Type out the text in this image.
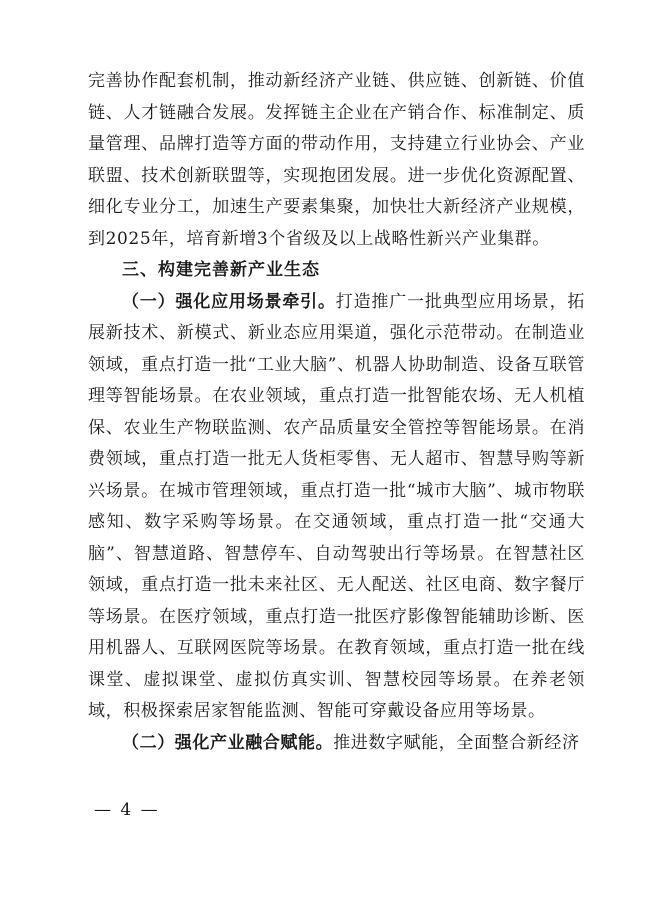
完善协作配套机制，推动新经济产业链、供应链、创新链、价值链、人才链融合发展。发挥链主企业在产销合作、标准制定、质量管理、品牌打造等方面的带动作用，支持建立行业协会、产业联盟、技术创新联盟等，实现抱团发展。进一步优化资源配置、细化专业分工，加速生产要素集聚，加快壮大新经济产业规模，到2025年，培育新增3个省级及以上战略性新兴产业集群。

三、构建完善新产业生态

（一）强化应用场景牵引。打造推广一批典型应用场景，拓展新技术、新模式、新业态应用渠道，强化示范带动。在制造业领域，重点打造一批“工业大脑”、机器人协助制造、设备互联管理等智能场景。在农业领域，重点打造一批智能农场、无人机植保、农业生产物联监测、农产品质量安全管控等智能场景。在消费领域，重点打造一批无人货柜零售、无人超市、智慧导购等新兴场景。在城市管理领域，重点打造一批“城市大脑”、城市物联感知、数字采购等场景。在交通领域，重点打造一批“交通大脑”、智慧道路、智慧停车、自动驾驶出行等场景。在智慧社区领域，重点打造一批未来社区、无人配送、社区电商、数字餐厅等场景。在医疗领域，重点打造一批医疗影像智能辅助诊断、医用机器人、互联网医院等场景。在教育领域，重点打造一批在线课堂、虚拟课堂、虚拟仿真实训、智慧校园等场景。在养老领域，积极探索居家智能监测、智能可穿戴设备应用等场景。

（二）强化产业融合赋能。推进数字赋能，全面整合新经济

— 4 —
